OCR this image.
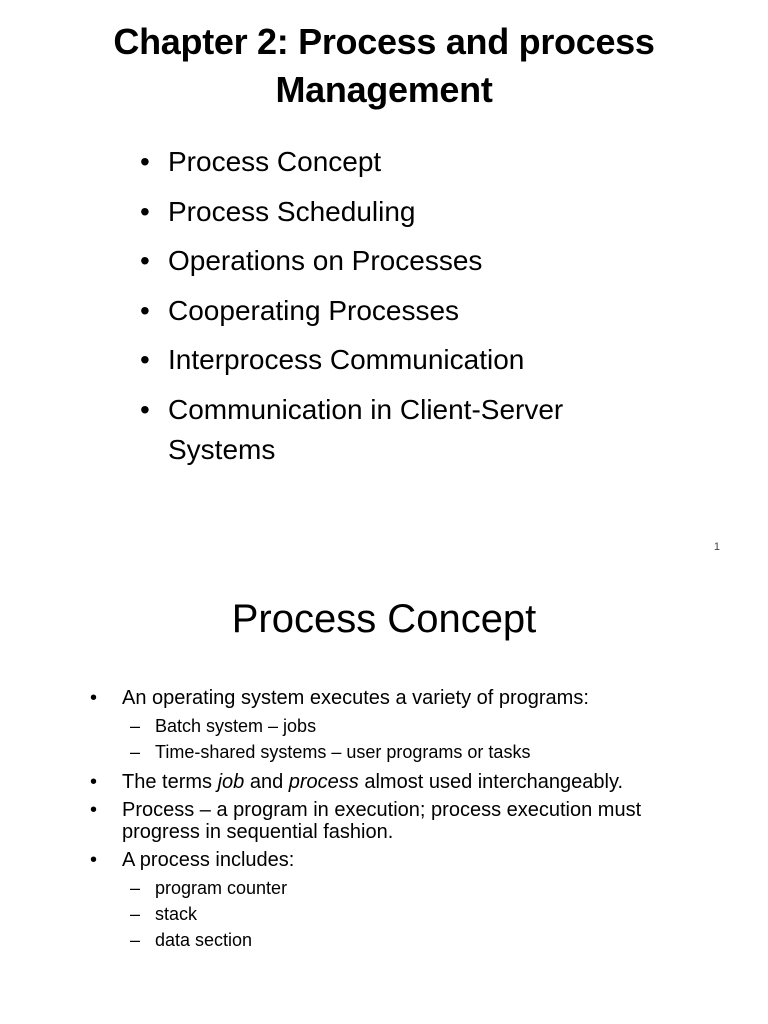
Chapter 2: Process and process
Management
• Process Concept
• Process Scheduling
• Operations on Processes
• Cooperating Processes
• Interprocess Communication
• Communication in Client-Server Systems
1
Process Concept
• An operating system executes a variety of programs:
– Batch system – jobs
– Time-shared systems – user programs or tasks
• The terms job and process almost used interchangeably.
• Process – a program in execution; process execution must progress in sequential fashion.
• A process includes:
– program counter
– stack
– data section
